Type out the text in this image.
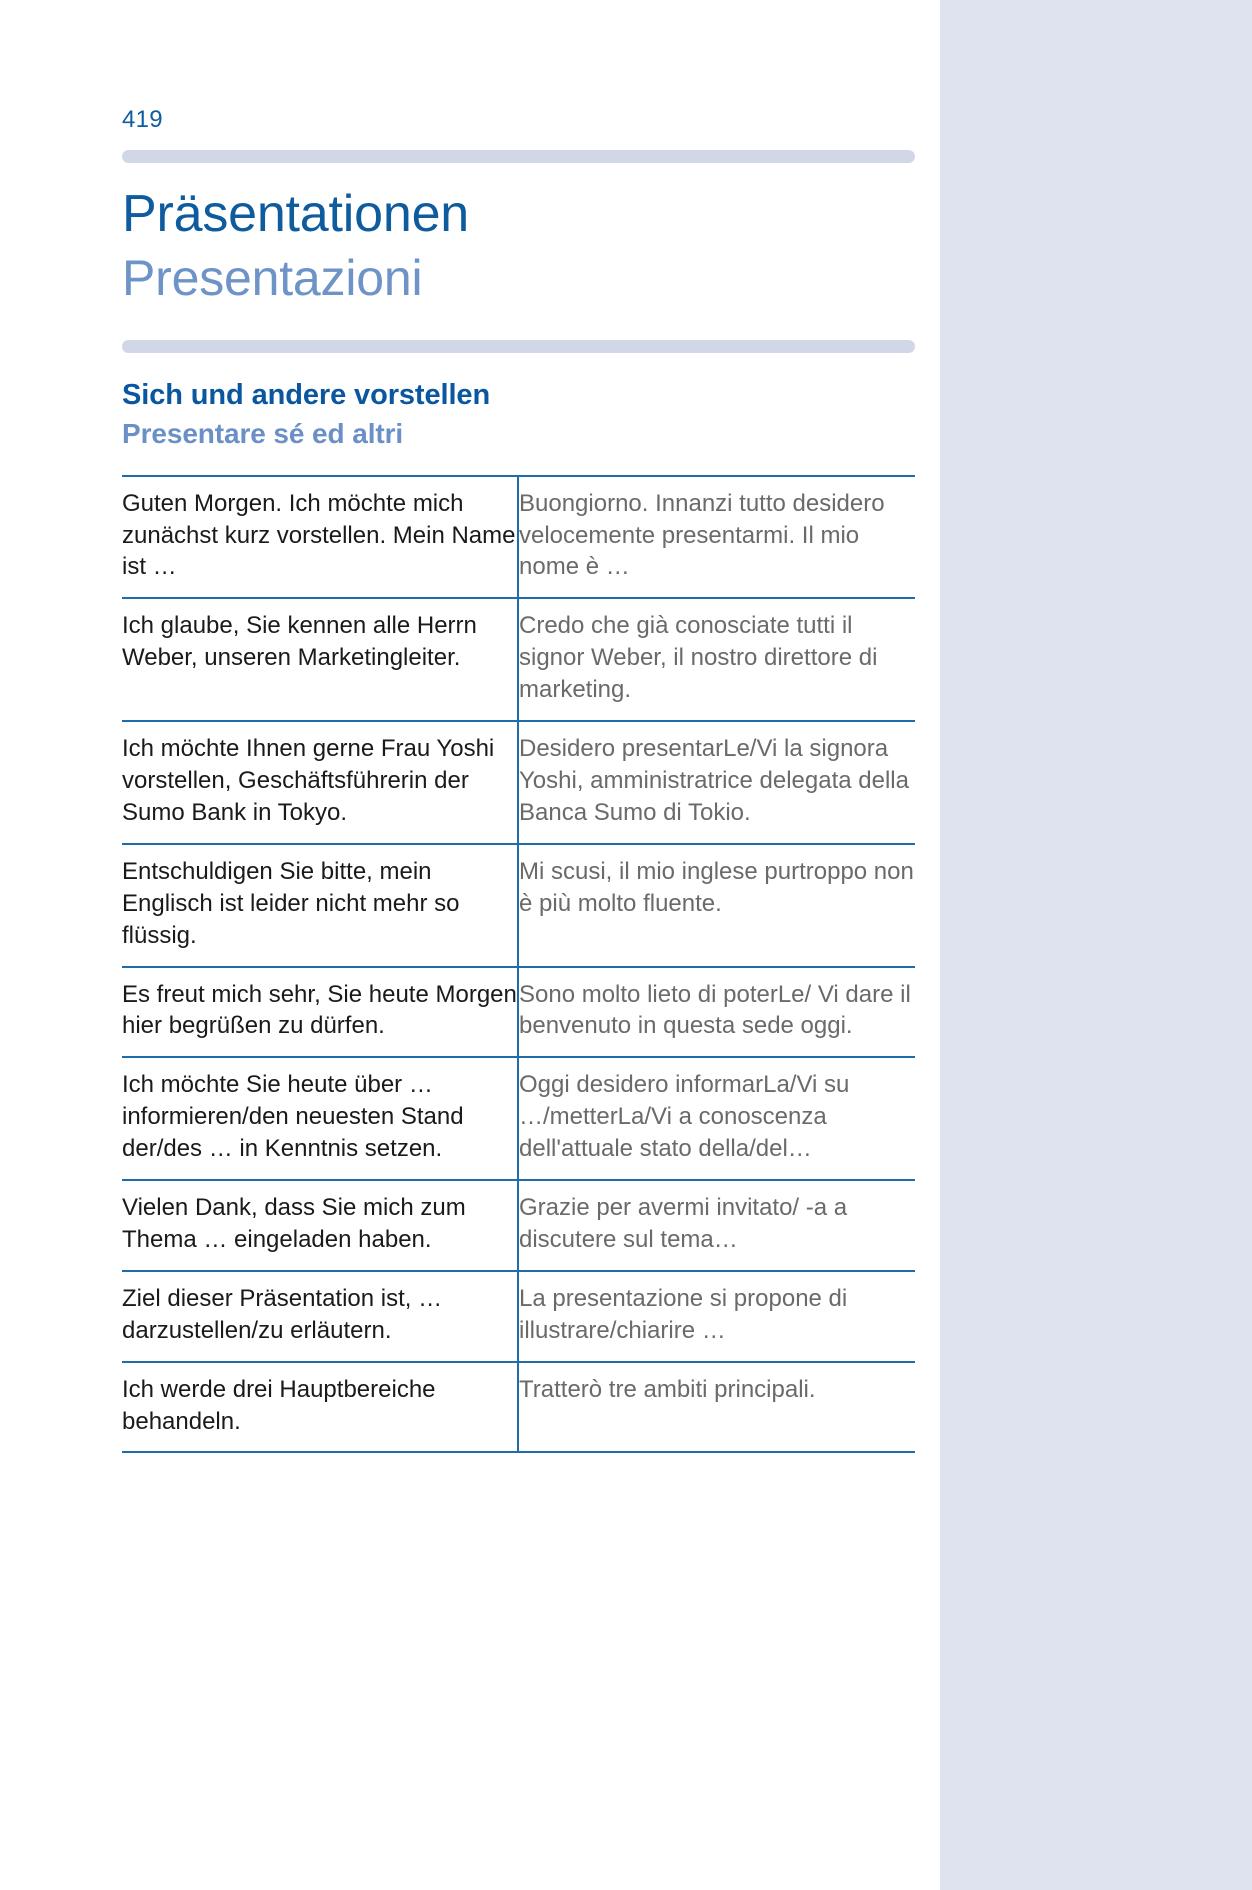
419
Präsentationen
Presentazioni
Sich und andere vorstellen
Presentare sé ed altri
Guten Morgen. Ich möchte mich zunächst kurz vorstellen. Mein Name ist …	Buongiorno. Innanzi tutto desidero velocemente presentarmi. Il mio nome è …
Ich glaube, Sie kennen alle Herrn Weber, unseren Marketingleiter.	Credo che già conosciate tutti il signor Weber, il nostro direttore di marketing.
Ich möchte Ihnen gerne Frau Yoshi vorstellen, Geschäftsführerin der Sumo Bank in Tokyo.	Desidero presentarLe/Vi la signora Yoshi, amministratrice delegata della Banca Sumo di Tokio.
Entschuldigen Sie bitte, mein Englisch ist leider nicht mehr so flüssig.	Mi scusi, il mio inglese purtroppo non è più molto fluente.
Es freut mich sehr, Sie heute Morgen hier begrüßen zu dürfen.	Sono molto lieto di poterLe/ Vi dare il benvenuto in questa sede oggi.
Ich möchte Sie heute über … informieren/den neuesten Stand der/des … in Kenntnis setzen.	Oggi desidero informarLa/Vi su …/metterLa/Vi a conoscenza dell'attuale stato della/del…
Vielen Dank, dass Sie mich zum Thema … eingeladen haben.	Grazie per avermi invitato/ -a a discutere sul tema…
Ziel dieser Präsentation ist, … darzustellen/zu erläutern.	La presentazione si propone di illustrare/chiarire …
Ich werde drei Hauptbereiche behandeln.	Tratterò tre ambiti principali.
